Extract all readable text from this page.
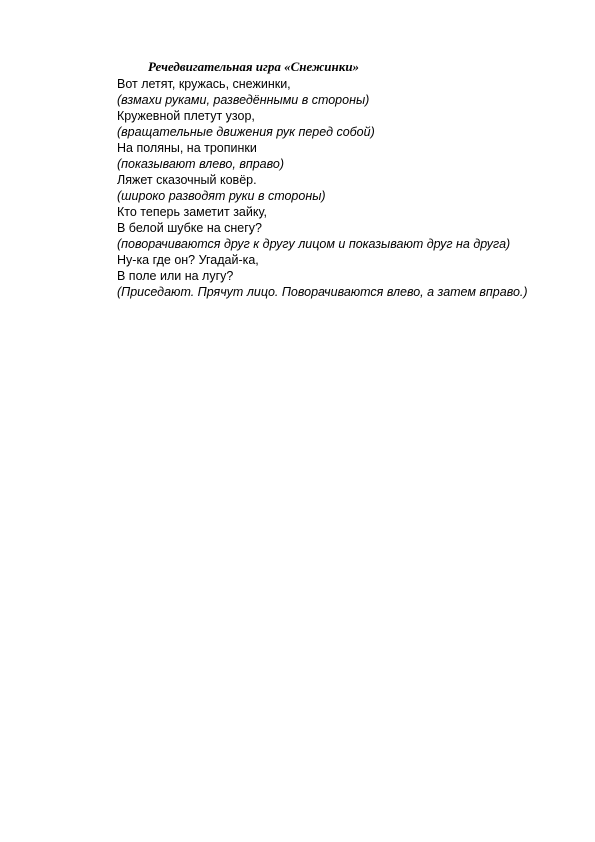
Речедвигательная игра «Снежинки»
Вот летят, кружась, снежинки,
(взмахи руками, разведёнными в стороны)
Кружевной плетут узор,
(вращательные движения рук перед собой)
На поляны, на тропинки
(показывают влево, вправо)
Ляжет сказочный ковёр.
(широко разводят руки в стороны)
Кто теперь заметит зайку,
В белой шубке на снегу?
(поворачиваются друг к другу лицом и показывают друг на друга)
Ну-ка где он? Угадай-ка,
В поле или на лугу?
(Приседают. Прячут лицо. Поворачиваются влево, а затем вправо.)
